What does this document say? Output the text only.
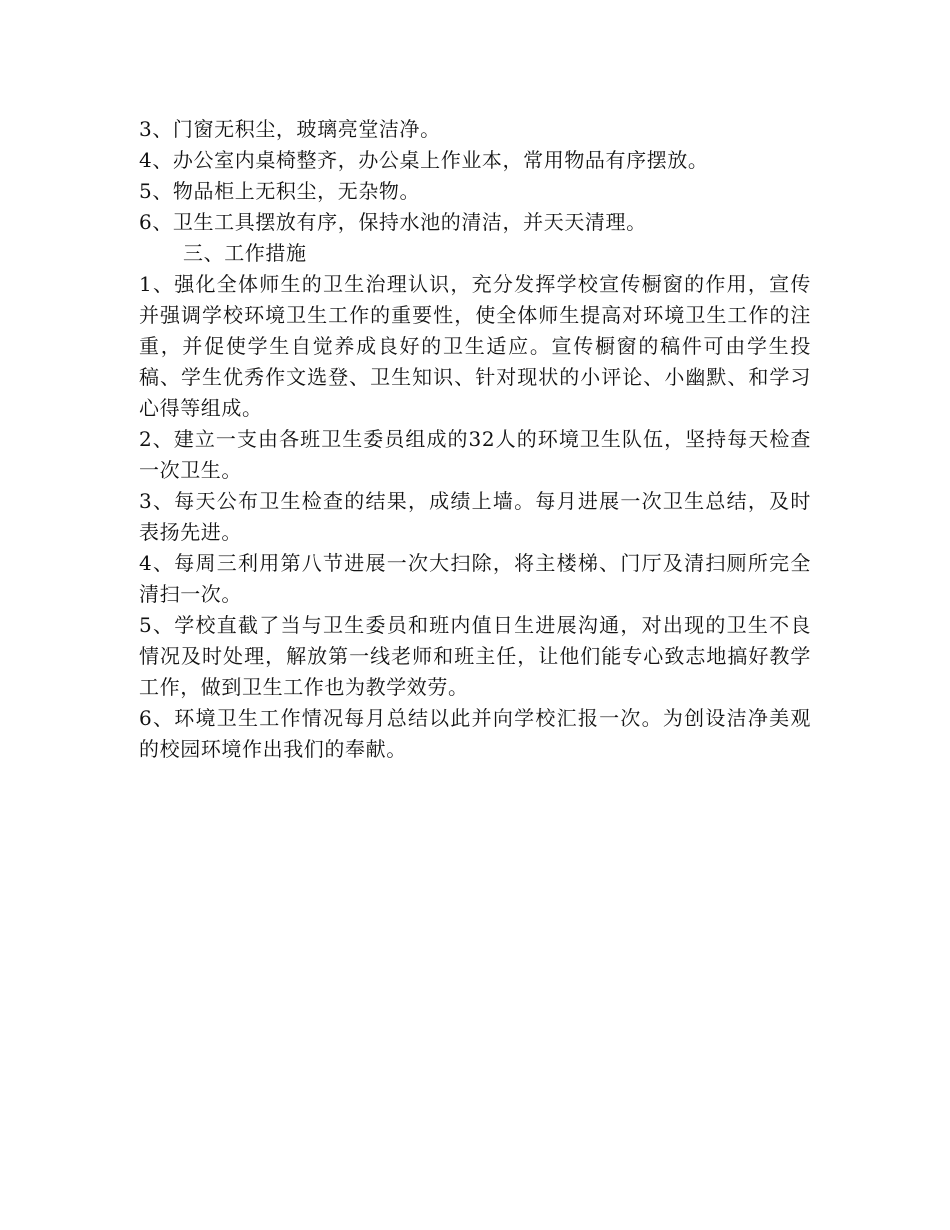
3、门窗无积尘，玻璃亮堂洁净。

4、办公室内桌椅整齐，办公桌上作业本，常用物品有序摆放。

5、物品柜上无积尘，无杂物。

6、卫生工具摆放有序，保持水池的清洁，并天天清理。

三、工作措施

1、强化全体师生的卫生治理认识，充分发挥学校宣传橱窗的作用，宣传并强调学校环境卫生工作的重要性，使全体师生提高对环境卫生工作的注重，并促使学生自觉养成良好的卫生适应。宣传橱窗的稿件可由学生投稿、学生优秀作文选登、卫生知识、针对现状的小评论、小幽默、和学习心得等组成。

2、建立一支由各班卫生委员组成的32人的环境卫生队伍，坚持每天检查一次卫生。

3、每天公布卫生检查的结果，成绩上墙。每月进展一次卫生总结，及时表扬先进。

4、每周三利用第八节进展一次大扫除，将主楼梯、门厅及清扫厕所完全清扫一次。

5、学校直截了当与卫生委员和班内值日生进展沟通，对出现的卫生不良情况及时处理，解放第一线老师和班主任，让他们能专心致志地搞好教学工作，做到卫生工作也为教学效劳。

6、环境卫生工作情况每月总结以此并向学校汇报一次。为创设洁净美观的校园环境作出我们的奉献。
